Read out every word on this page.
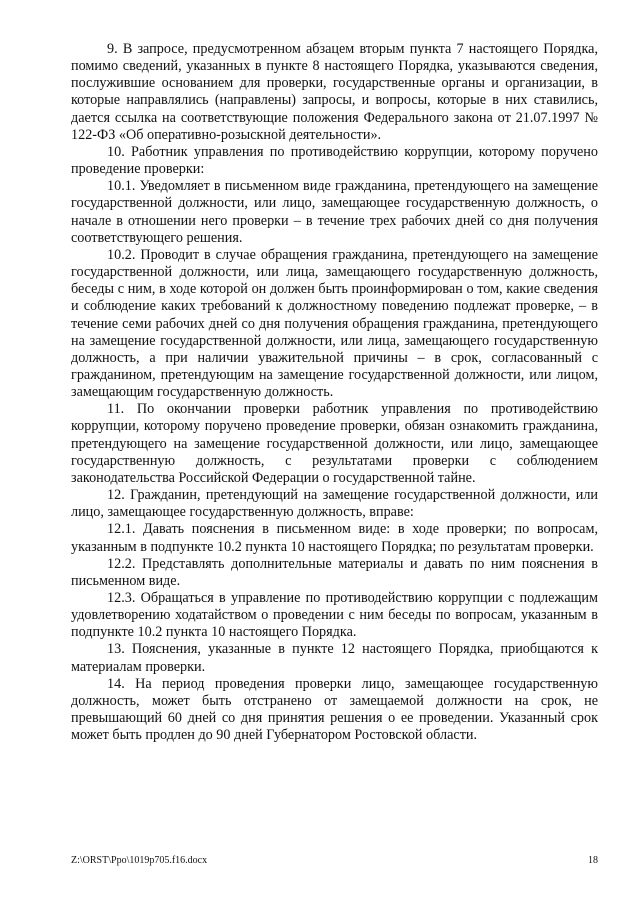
9. В запросе, предусмотренном абзацем вторым пункта 7 настоящего Порядка, помимо сведений, указанных в пункте 8 настоящего Порядка, указываются сведения, послужившие основанием для проверки, государственные органы и организации, в которые направлялись (направлены) запросы, и вопросы, которые в них ставились, дается ссылка на соответствующие положения Федерального закона от 21.07.1997 № 122-ФЗ «Об оперативно-розыскной деятельности».

10. Работник управления по противодействию коррупции, которому поручено проведение проверки:

10.1. Уведомляет в письменном виде гражданина, претендующего на замещение государственной должности, или лицо, замещающее государственную должность, о начале в отношении него проверки – в течение трех рабочих дней со дня получения соответствующего решения.

10.2. Проводит в случае обращения гражданина, претендующего на замещение государственной должности, или лица, замещающего государственную должность, беседы с ним, в ходе которой он должен быть проинформирован о том, какие сведения и соблюдение каких требований к должностному поведению подлежат проверке, – в течение семи рабочих дней со дня получения обращения гражданина, претендующего на замещение государственной должности, или лица, замещающего государственную должность, а при наличии уважительной причины – в срок, согласованный с гражданином, претендующим на замещение государственной должности, или лицом, замещающим государственную должность.

11. По окончании проверки работник управления по противодействию коррупции, которому поручено проведение проверки, обязан ознакомить гражданина, претендующего на замещение государственной должности, или лицо, замещающее государственную должность, с результатами проверки с соблюдением законодательства Российской Федерации о государственной тайне.

12. Гражданин, претендующий на замещение государственной должности, или лицо, замещающее государственную должность, вправе:

12.1. Давать пояснения в письменном виде: в ходе проверки; по вопросам, указанным в подпункте 10.2 пункта 10 настоящего Порядка; по результатам проверки.

12.2. Представлять дополнительные материалы и давать по ним пояснения в письменном виде.

12.3. Обращаться в управление по противодействию коррупции с подлежащим удовлетворению ходатайством о проведении с ним беседы по вопросам, указанным в подпункте 10.2 пункта 10 настоящего Порядка.

13. Пояснения, указанные в пункте 12 настоящего Порядка, приобщаются к материалам проверки.

14. На период проведения проверки лицо, замещающее государственную должность, может быть отстранено от замещаемой должности на срок, не превышающий 60 дней со дня принятия решения о ее проведении. Указанный срок может быть продлен до 90 дней Губернатором Ростовской области.

Z:\ORST\Ppo\1019p705.f16.docx	18
